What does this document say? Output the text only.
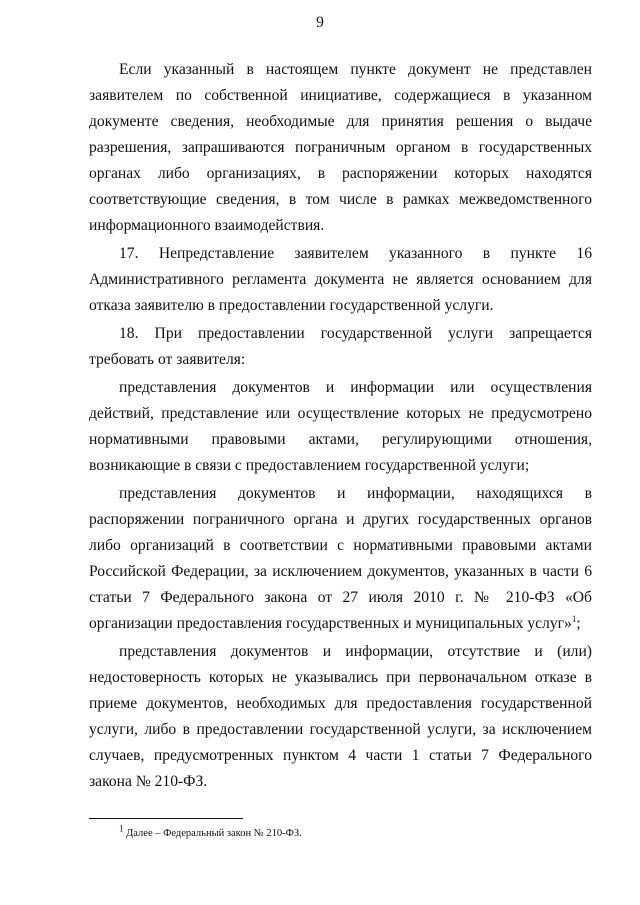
9

Если указанный в настоящем пункте документ не представлен заявителем по собственной инициативе, содержащиеся в указанном документе сведения, необходимые для принятия решения о выдаче разрешения, запрашиваются пограничным органом в государственных органах либо организациях, в распоряжении которых находятся соответствующие сведения, в том числе в рамках межведомственного информационного взаимодействия.

17. Непредставление заявителем указанного в пункте 16 Административного регламента документа не является основанием для отказа заявителю в предоставлении государственной услуги.

18. При предоставлении государственной услуги запрещается требовать от заявителя:

представления документов и информации или осуществления действий, представление или осуществление которых не предусмотрено нормативными правовыми актами, регулирующими отношения, возникающие в связи с предоставлением государственной услуги;

представления документов и информации, находящихся в распоряжении пограничного органа и других государственных органов либо организаций в соответствии с нормативными правовыми актами Российской Федерации, за исключением документов, указанных в части 6 статьи 7 Федерального закона от 27 июля 2010 г. № 210-ФЗ «Об организации предоставления государственных и муниципальных услуг»$^1$;

представления документов и информации, отсутствие и (или) недостоверность которых не указывались при первоначальном отказе в приеме документов, необходимых для предоставления государственной услуги, либо в предоставлении государственной услуги, за исключением случаев, предусмотренных пунктом 4 части 1 статьи 7 Федерального закона № 210-ФЗ.

$^1$ Далее – Федеральный закон № 210-ФЗ.
